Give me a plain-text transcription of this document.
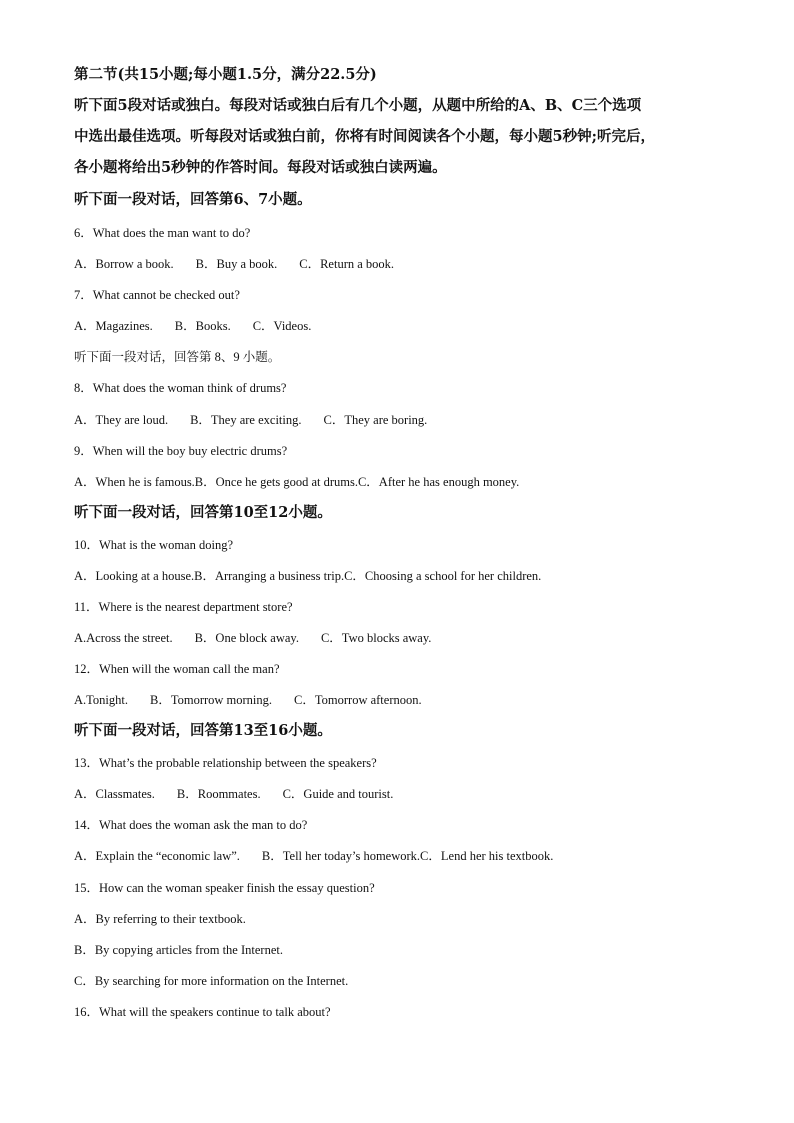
第二节(共15小题;每小题1.5分，满分22.5分)
听下面5段对话或独白。每段对话或独白后有几个小题，从题中所给的A、B、C三个选项
中选出最佳选项。听每段对话或独白前，你将有时间阅读各个小题，每小题5秒钟;听完后，
各小题将给出5秒钟的作答时间。每段对话或独白读两遍。
听下面一段对话，回答第6、7小题。
6．What does the man want to do?
A．Borrow a book. B．Buy a book. C．Return a book.
7．What cannot be checked out?
A．Magazines. B．Books. C．Videos.
听下面一段对话，回答第 8、9 小题。
8．What does the woman think of drums?
A．They are loud. B．They are exciting. C．They are boring.
9．When will the boy buy electric drums?
A．When he is famous.B．Once he gets good at drums.C．After he has enough money.
听下面一段对话，回答第10至12小题。
10．What is the woman doing?
A．Looking at a house.B．Arranging a business trip.C．Choosing a school for her children.
11．Where is the nearest department store?
A.Across the street. B．One block away. C．Two blocks away.
12．When will the woman call the man?
A.Tonight. B．Tomorrow morning. C．Tomorrow afternoon.
听下面一段对话，回答第13至16小题。
13．What’s the probable relationship between the speakers?
A．Classmates. B．Roommates. C．Guide and tourist.
14．What does the woman ask the man to do?
A．Explain the “economic law”. B．Tell her today’s homework.C．Lend her his textbook.
15．How can the woman speaker finish the essay question?
A．By referring to their textbook.
B．By copying articles from the Internet.
C．By searching for more information on the Internet.
16．What will the speakers continue to talk about?
